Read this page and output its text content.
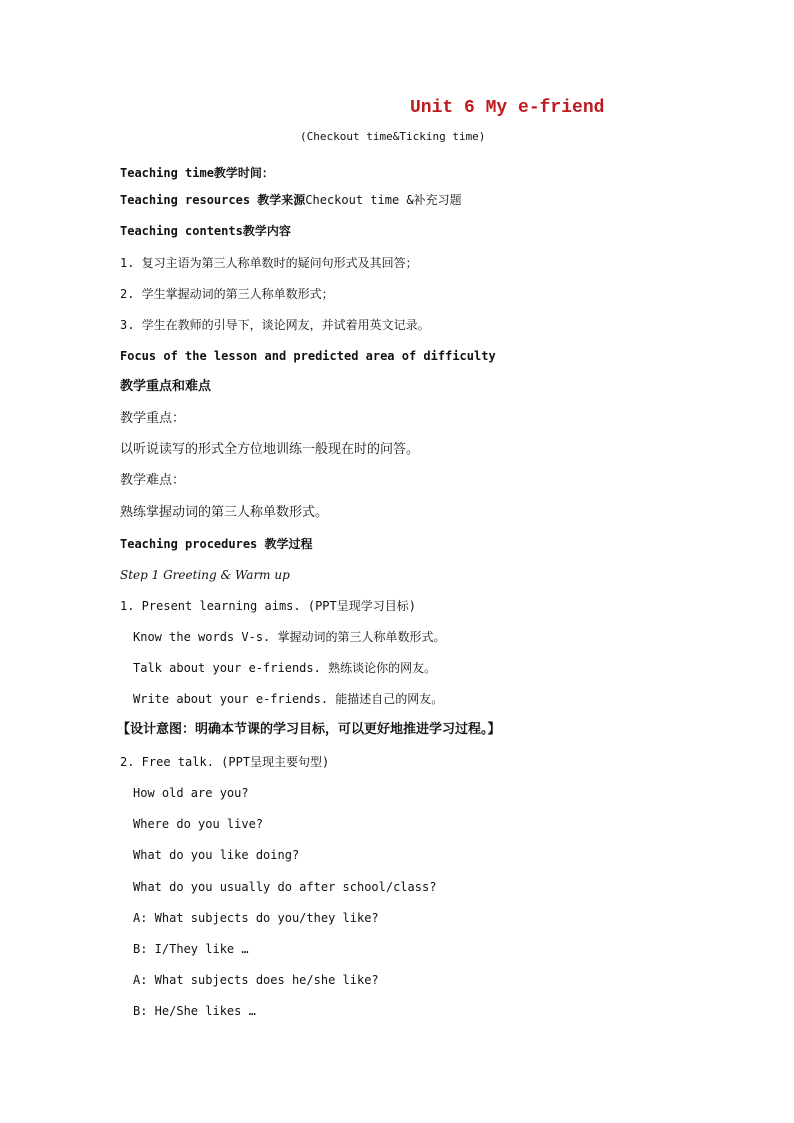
Unit 6 My e-friend
(Checkout time&Ticking time)
Teaching time教学时间：
Teaching resources 教学来源Checkout time &补充习题
Teaching contents教学内容
1. 复习主语为第三人称单数时的疑问句形式及其回答；
2. 学生掌握动词的第三人称单数形式；
3. 学生在教师的引导下，谈论网友，并试着用英文记录。
Focus of the lesson and predicted area of difficulty
教学重点和难点
教学重点：
以听说读写的形式全方位地训练一般现在时的问答。
教学难点：
熟练掌握动词的第三人称单数形式。
Teaching procedures 教学过程
Step 1 Greeting & Warm up
1. Present learning aims. (PPT呈现学习目标)
Know the words V-s. 掌握动词的第三人称单数形式。
Talk about your e-friends. 熟练谈论你的网友。
Write about your e-friends. 能描述自己的网友。
【设计意图：明确本节课的学习目标，可以更好地推进学习过程。】
2. Free talk. (PPT呈现主要句型)
How old are you?
Where do you live?
What do you like doing?
What do you usually do after school/class?
A: What subjects do you/they like?
B: I/They like …
A: What subjects does he/she like?
B: He/She likes …
